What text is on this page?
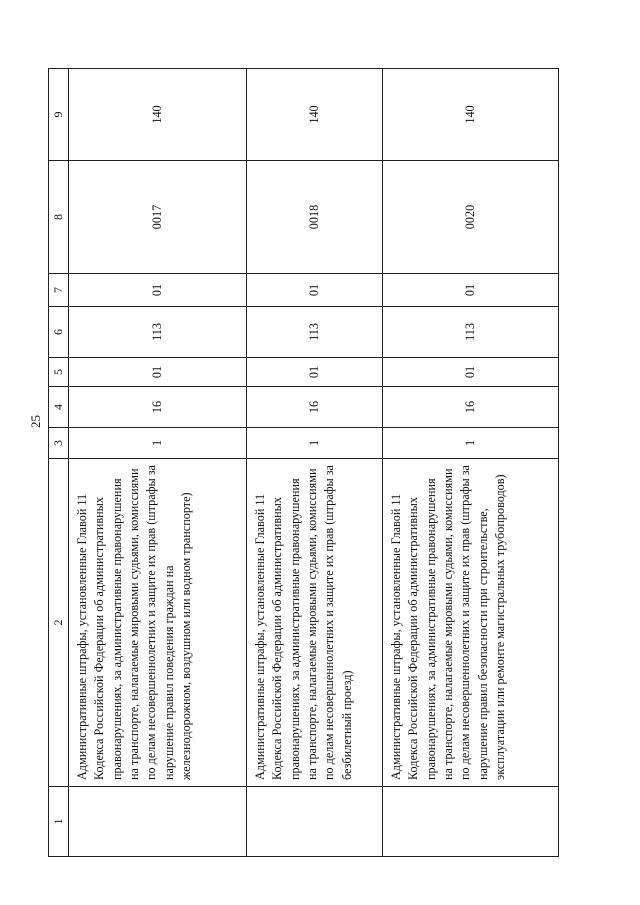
25
1	2	3	4	5	6	7	8	9
	Административные штрафы, установленные Главой 11 Кодекса Российской Федерации об административных правонарушениях, за административные правонарушения на транспорте, налагаемые мировыми судьями, комиссиями по делам несовершеннолетних и защите их прав (штрафы за нарушение правил поведения граждан на железнодорожном, воздушном или водном транспорте)	1	16	01	113	01	0017	140
	Административные штрафы, установленные Главой 11 Кодекса Российской Федерации об административных правонарушениях, за административные правонарушения на транспорте, налагаемые мировыми судьями, комиссиями по делам несовершеннолетних и защите их прав (штрафы за безбилетный проезд)	1	16	01	113	01	0018	140
	Административные штрафы, установленные Главой 11 Кодекса Российской Федерации об административных правонарушениях, за административные правонарушения на транспорте, налагаемые мировыми судьями, комиссиями по делам несовершеннолетних и защите их прав (штрафы за нарушение правил безопасности при строительстве, эксплуатации или ремонте магистральных трубопроводов)	1	16	01	113	01	0020	140
